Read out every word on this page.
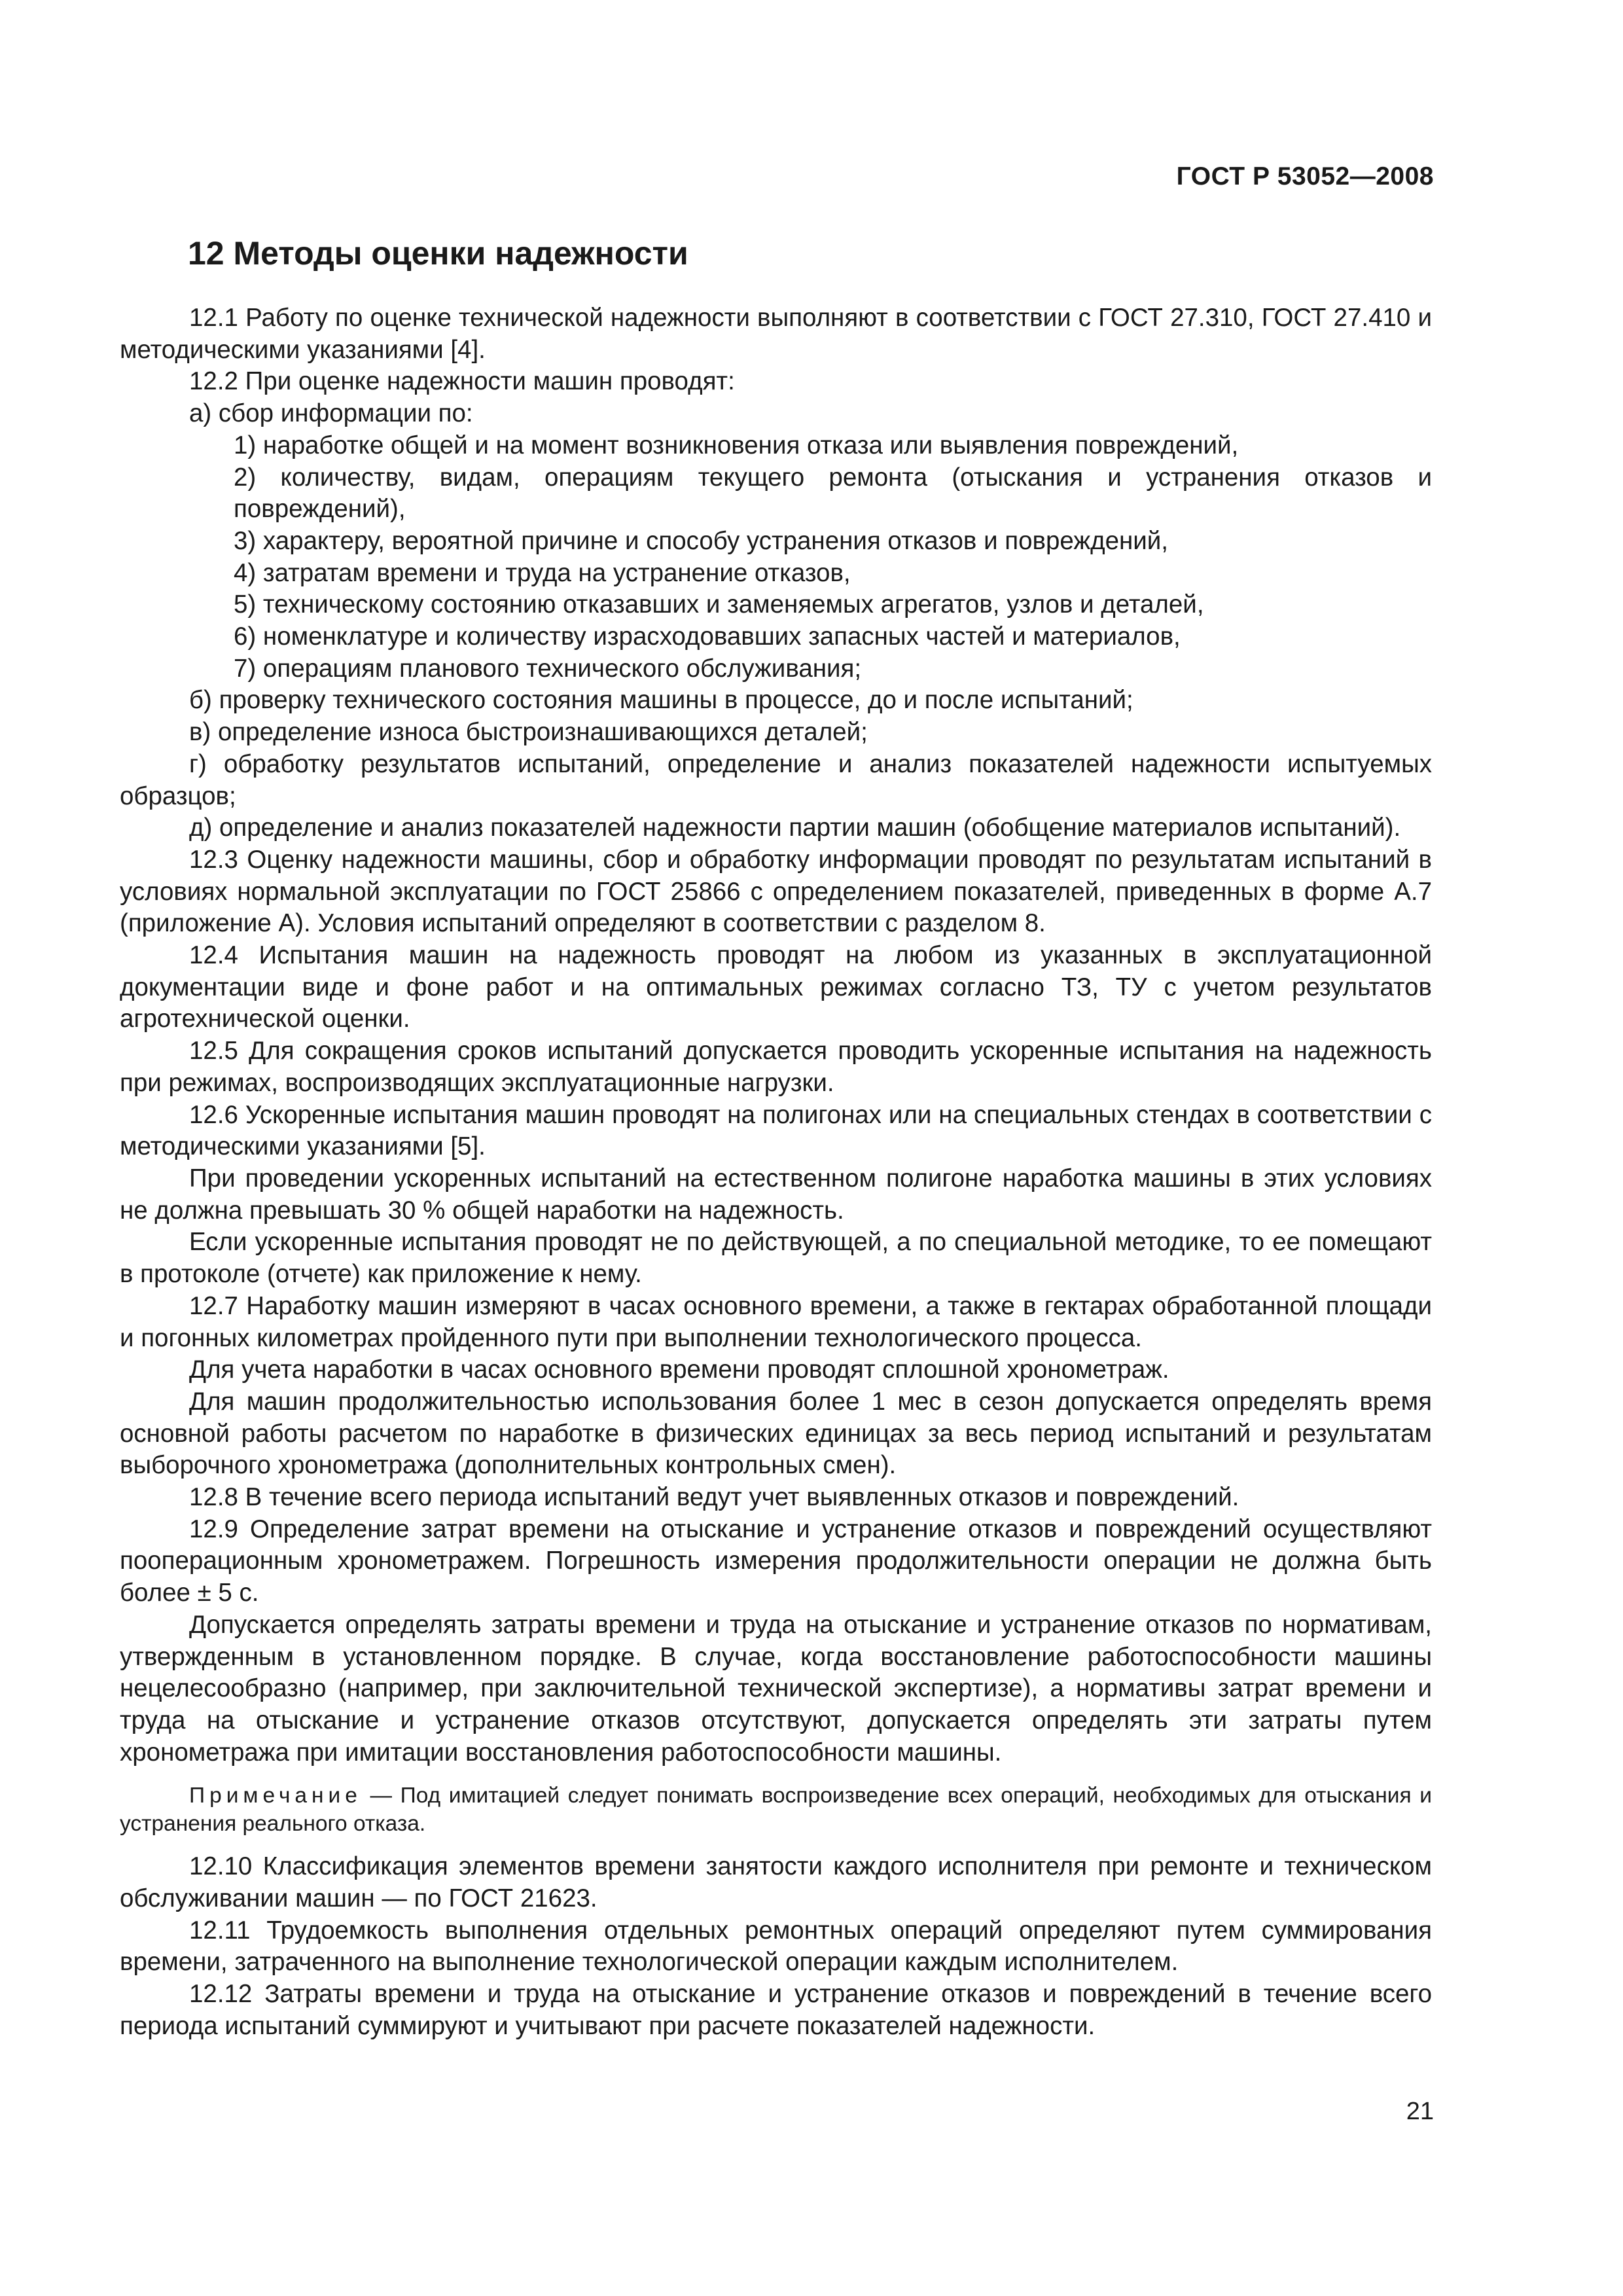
ГОСТ Р 53052—2008
12 Методы оценки надежности

12.1 Работу по оценке технической надежности выполняют в соответствии с ГОСТ 27.310, ГОСТ 27.410 и методическими указаниями [4].

12.2 При оценке надежности машин проводят:

а) сбор информации по:

1) наработке общей и на момент возникновения отказа или выявления повреждений,

2) количеству, видам, операциям текущего ремонта (отыскания и устранения отказов и повреждений),

3) характеру, вероятной причине и способу устранения отказов и повреждений,

4) затратам времени и труда на устранение отказов,

5) техническому состоянию отказавших и заменяемых агрегатов, узлов и деталей,

6) номенклатуре и количеству израсходовавших запасных частей и материалов,

7) операциям планового технического обслуживания;

б) проверку технического состояния машины в процессе, до и после испытаний;

в) определение износа быстроизнашивающихся деталей;

г) обработку результатов испытаний, определение и анализ показателей надежности испытуемых образцов;

д) определение и анализ показателей надежности партии машин (обобщение материалов испытаний).

12.3 Оценку надежности машины, сбор и обработку информации проводят по результатам испытаний в условиях нормальной эксплуатации по ГОСТ 25866 с определением показателей, приведенных в форме А.7 (приложение А). Условия испытаний определяют в соответствии с разделом 8.

12.4 Испытания машин на надежность проводят на любом из указанных в эксплуатационной документации виде и фоне работ и на оптимальных режимах согласно ТЗ, ТУ с учетом результатов агротехнической оценки.

12.5 Для сокращения сроков испытаний допускается проводить ускоренные испытания на надежность при режимах, воспроизводящих эксплуатационные нагрузки.

12.6 Ускоренные испытания машин проводят на полигонах или на специальных стендах в соответствии с методическими указаниями [5].

При проведении ускоренных испытаний на естественном полигоне наработка машины в этих условиях не должна превышать 30 % общей наработки на надежность.

Если ускоренные испытания проводят не по действующей, а по специальной методике, то ее помещают в протоколе (отчете) как приложение к нему.

12.7 Наработку машин измеряют в часах основного времени, а также в гектарах обработанной площади и погонных километрах пройденного пути при выполнении технологического процесса.

Для учета наработки в часах основного времени проводят сплошной хронометраж.

Для машин продолжительностью использования более 1 мес в сезон допускается определять время основной работы расчетом по наработке в физических единицах за весь период испытаний и результатам выборочного хронометража (дополнительных контрольных смен).

12.8 В течение всего периода испытаний ведут учет выявленных отказов и повреждений.

12.9 Определение затрат времени на отыскание и устранение отказов и повреждений осуществляют пооперационным хронометражем. Погрешность измерения продолжительности операции не должна быть более ± 5 с.

Допускается определять затраты времени и труда на отыскание и устранение отказов по нормативам, утвержденным в установленном порядке. В случае, когда восстановление работоспособности машины нецелесообразно (например, при заключительной технической экспертизе), а нормативы затрат времени и труда на отыскание и устранение отказов отсутствуют, допускается определять эти затраты путем хронометража при имитации восстановления работоспособности машины.

Примечание — Под имитацией следует понимать воспроизведение всех операций, необходимых для отыскания и устранения реального отказа.

12.10 Классификация элементов времени занятости каждого исполнителя при ремонте и техническом обслуживании машин — по ГОСТ 21623.

12.11 Трудоемкость выполнения отдельных ремонтных операций определяют путем суммирования времени, затраченного на выполнение технологической операции каждым исполнителем.

12.12 Затраты времени и труда на отыскание и устранение отказов и повреждений в течение всего периода испытаний суммируют и учитывают при расчете показателей надежности.

21
